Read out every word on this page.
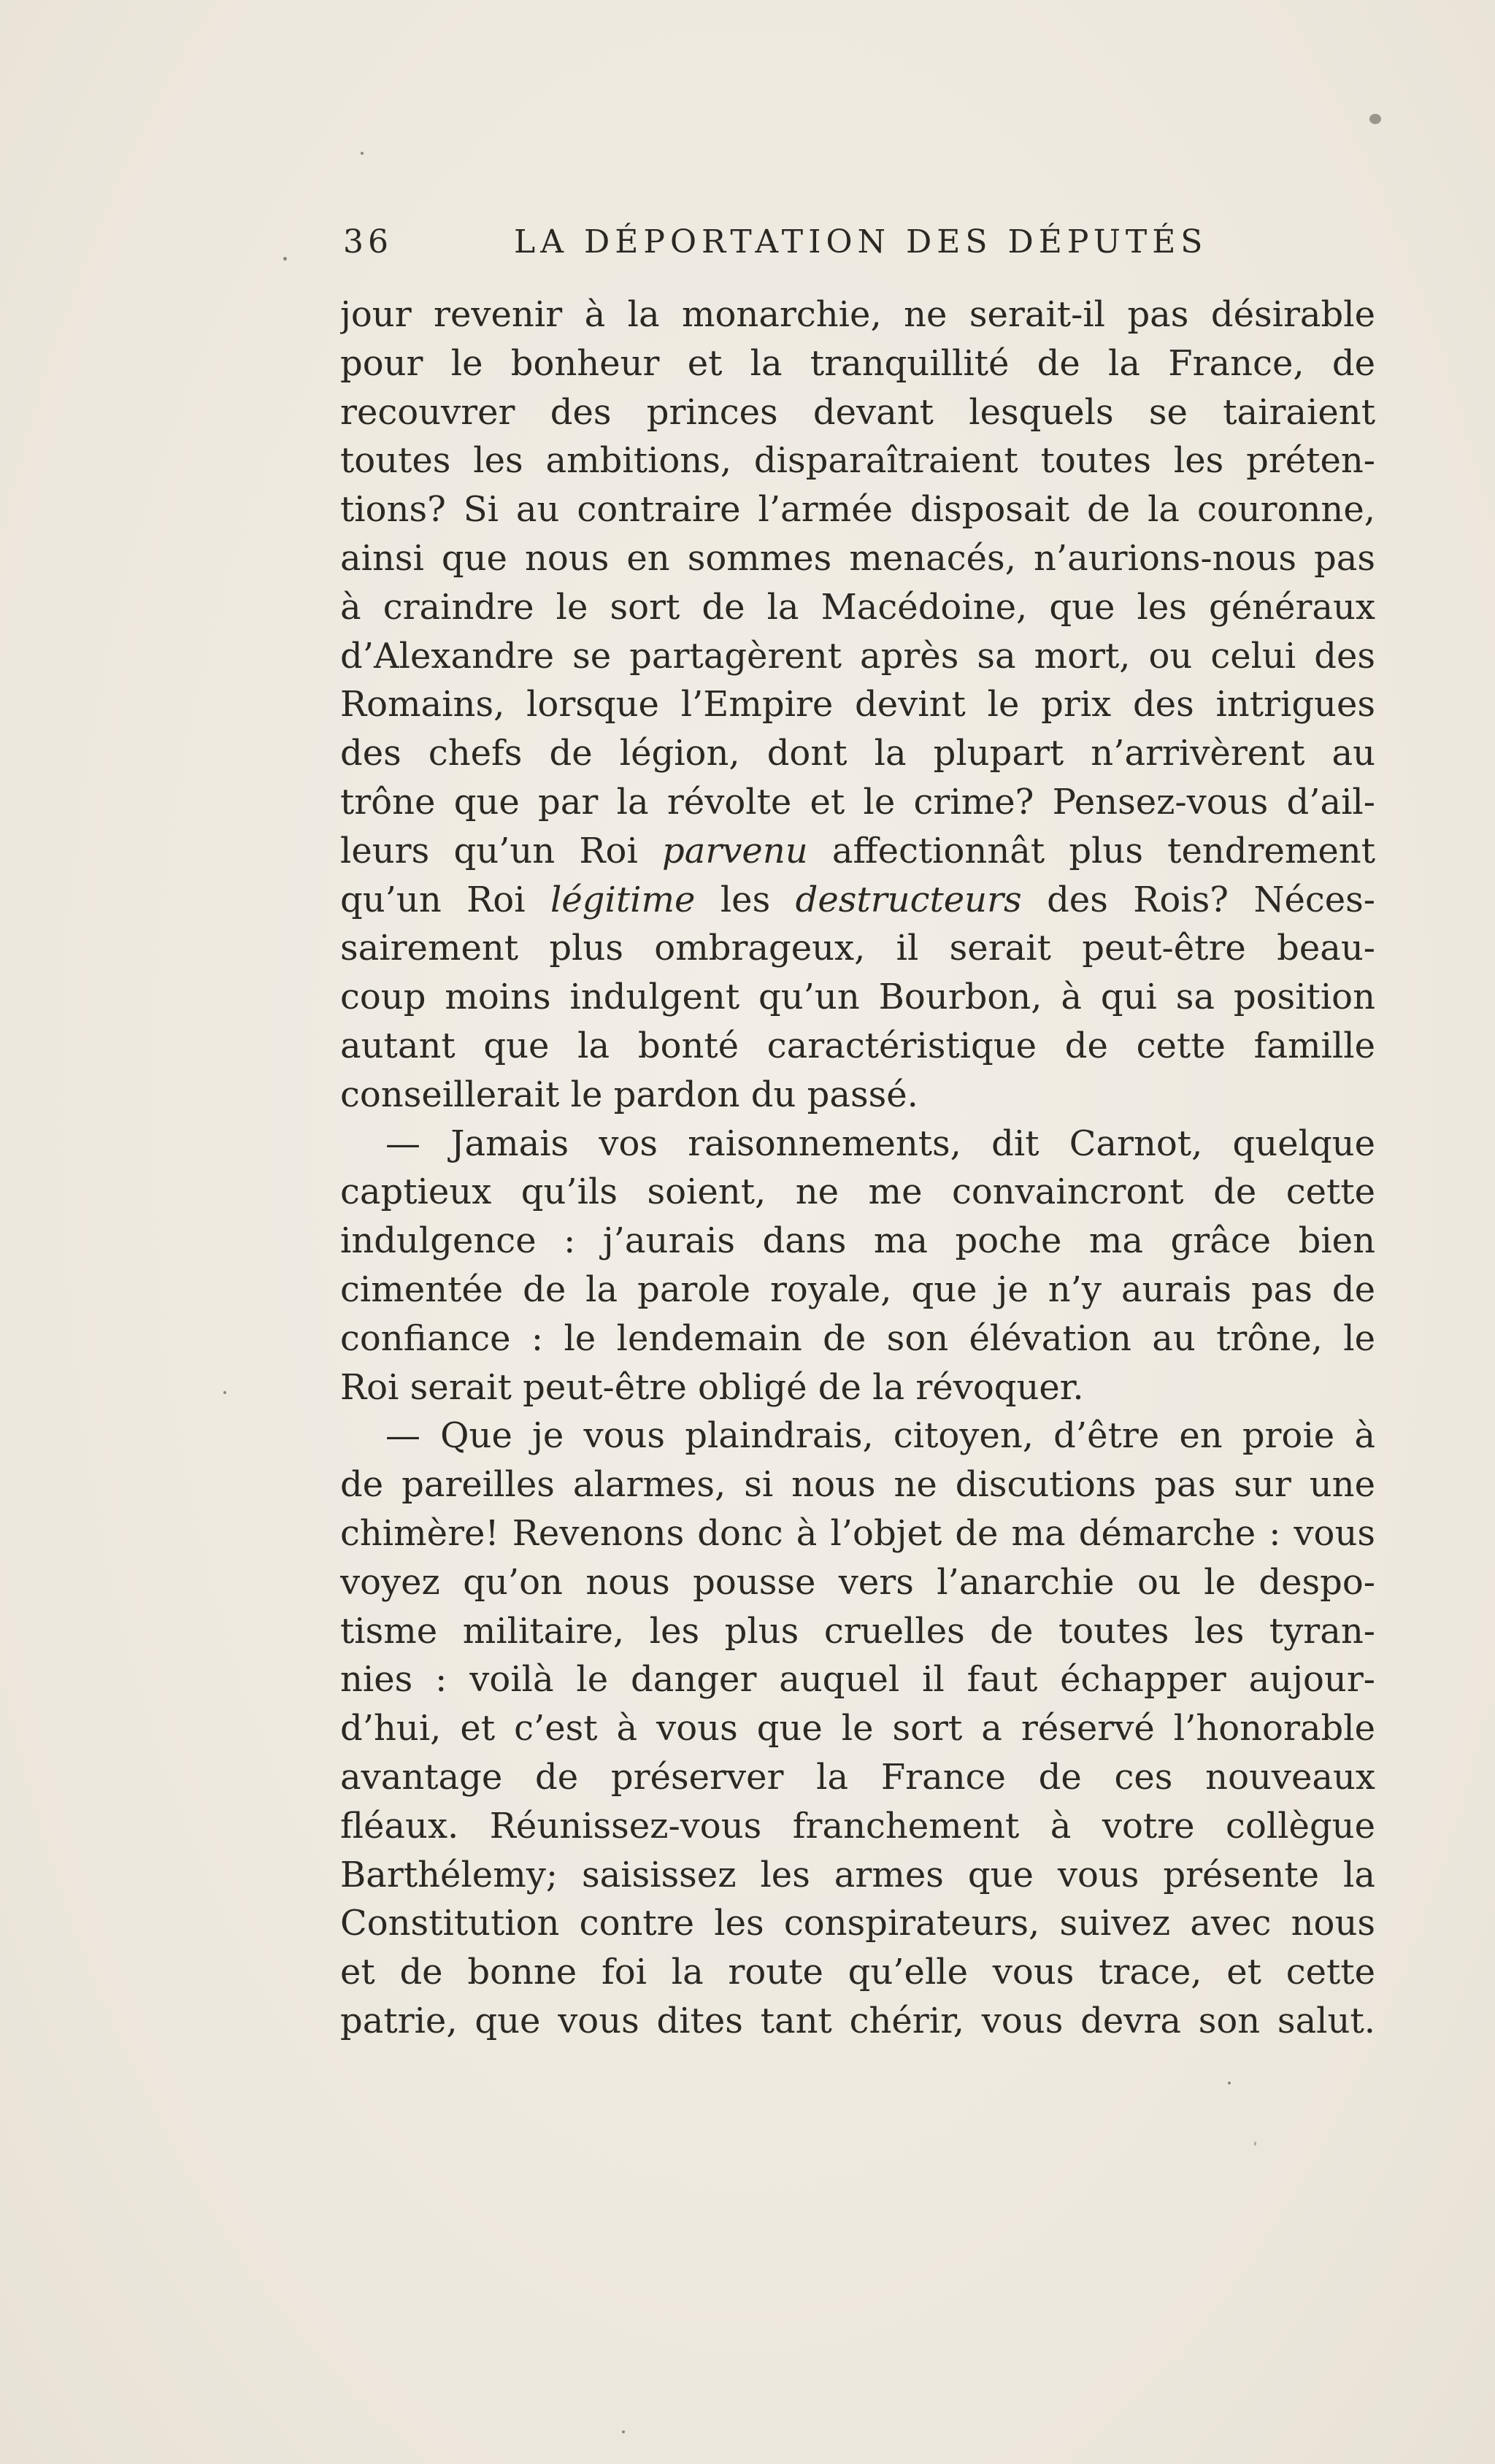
36	LA DÉPORTATION DES DÉPUTÉS
jour revenir à la monarchie, ne serait-il pas désirable
pour le bonheur et la tranquillité de la France, de
recouvrer des princes devant lesquels se tairaient
toutes les ambitions, disparaîtraient toutes les préten-
tions? Si au contraire l’armée disposait de la couronne,
ainsi que nous en sommes menacés, n’aurions-nous pas
à craindre le sort de la Macédoine, que les généraux
d’Alexandre se partagèrent après sa mort, ou celui des
Romains, lorsque l’Empire devint le prix des intrigues
des chefs de légion, dont la plupart n’arrivèrent au
trône que par la révolte et le crime? Pensez-vous d’ail-
leurs qu’un Roi parvenu affectionnât plus tendrement
qu’un Roi légitime les destructeurs des Rois? Néces-
sairement plus ombrageux, il serait peut-être beau-
coup moins indulgent qu’un Bourbon, à qui sa position
autant que la bonté caractéristique de cette famille
conseillerait le pardon du passé.
— Jamais vos raisonnements, dit Carnot, quelque
captieux qu’ils soient, ne me convaincront de cette
indulgence : j’aurais dans ma poche ma grâce bien
cimentée de la parole royale, que je n’y aurais pas de
confiance : le lendemain de son élévation au trône, le
Roi serait peut-être obligé de la révoquer.
— Que je vous plaindrais, citoyen, d’être en proie à
de pareilles alarmes, si nous ne discutions pas sur une
chimère! Revenons donc à l’objet de ma démarche : vous
voyez qu’on nous pousse vers l’anarchie ou le despo-
tisme militaire, les plus cruelles de toutes les tyran-
nies : voilà le danger auquel il faut échapper aujour-
d’hui, et c’est à vous que le sort a réservé l’honorable
avantage de préserver la France de ces nouveaux
fléaux. Réunissez-vous franchement à votre collègue
Barthélemy; saisissez les armes que vous présente la
Constitution contre les conspirateurs, suivez avec nous
et de bonne foi la route qu’elle vous trace, et cette
patrie, que vous dites tant chérir, vous devra son salut.
